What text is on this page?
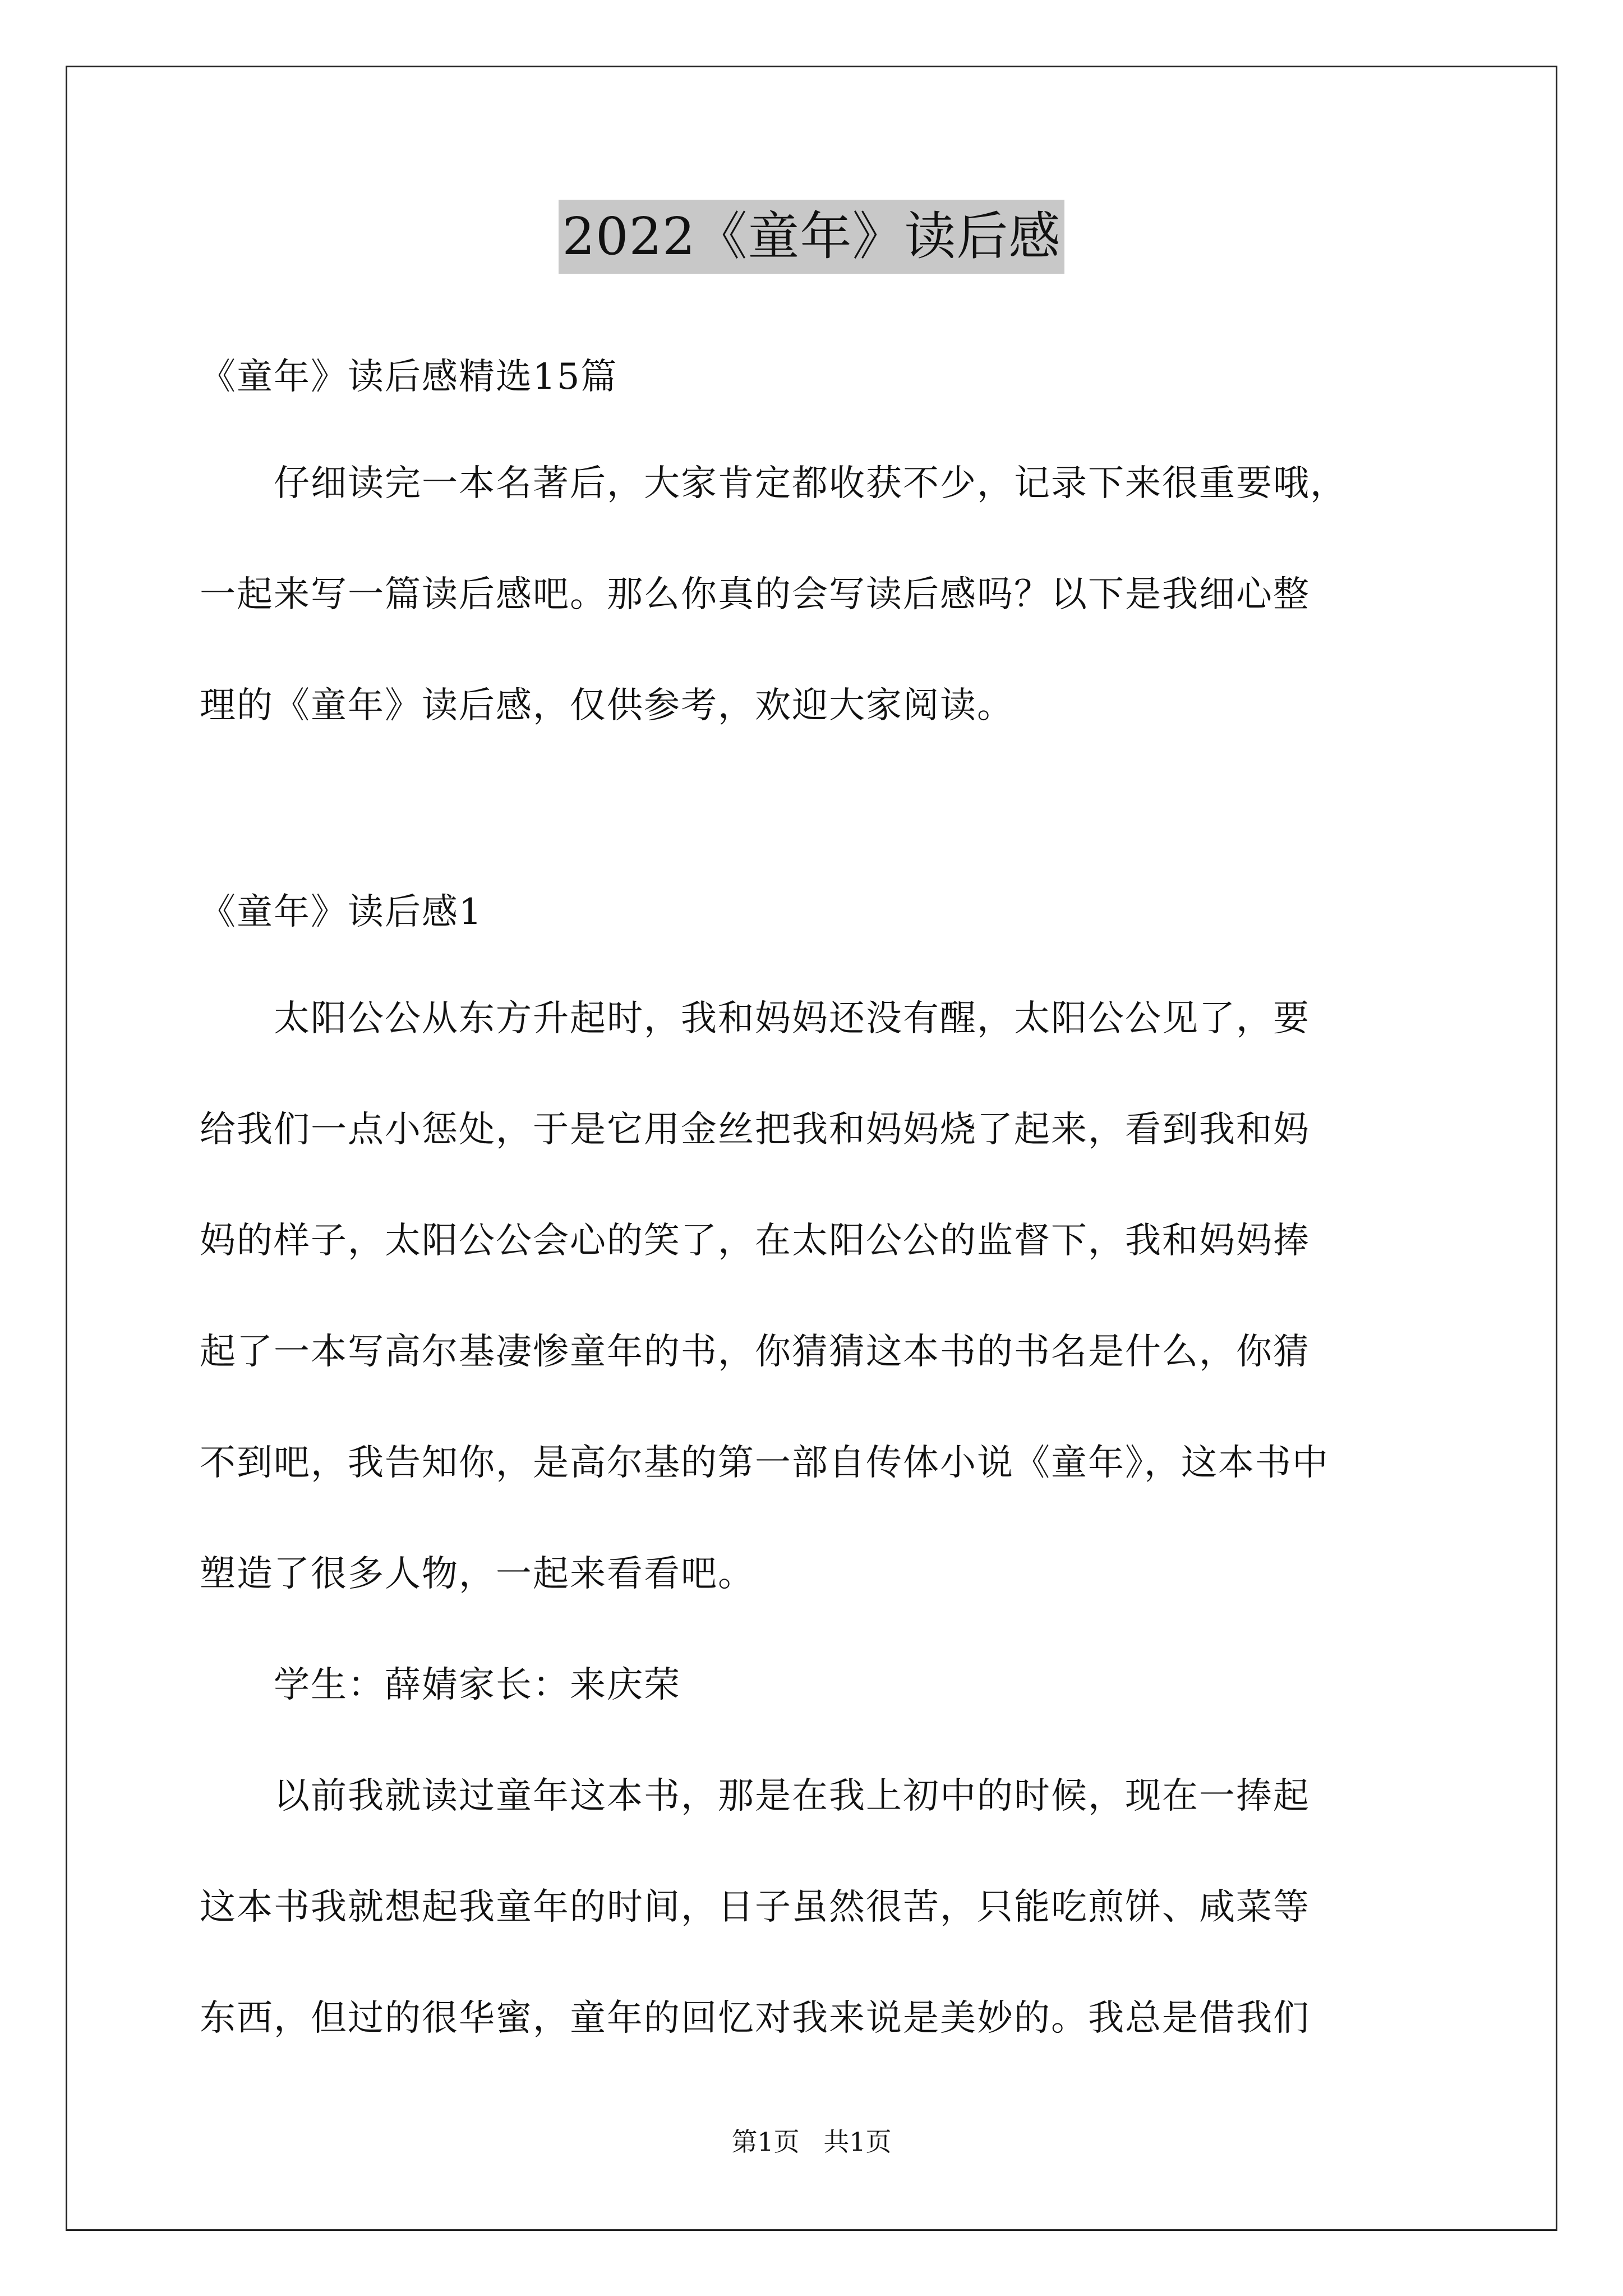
2022《童年》读后感
《童年》读后感精选15篇
　　仔细读完一本名著后，大家肯定都收获不少，记录下来很重要哦，
一起来写一篇读后感吧。那么你真的会写读后感吗？以下是我细心整
理的《童年》读后感，仅供参考，欢迎大家阅读。
《童年》读后感1
　　太阳公公从东方升起时，我和妈妈还没有醒，太阳公公见了，要
给我们一点小惩处，于是它用金丝把我和妈妈烧了起来，看到我和妈
妈的样子，太阳公公会心的笑了，在太阳公公的监督下，我和妈妈捧
起了一本写高尔基凄惨童年的书，你猜猜这本书的书名是什么，你猜
不到吧，我告知你，是高尔基的第一部自传体小说《童年》，这本书中
塑造了很多人物，一起来看看吧。
　　学生：薛婧家长：来庆荣
　　以前我就读过童年这本书，那是在我上初中的时候，现在一捧起
这本书我就想起我童年的时间，日子虽然很苦，只能吃煎饼、咸菜等
东西，但过的很华蜜，童年的回忆对我来说是美妙的。我总是借我们
第1页 共1页
